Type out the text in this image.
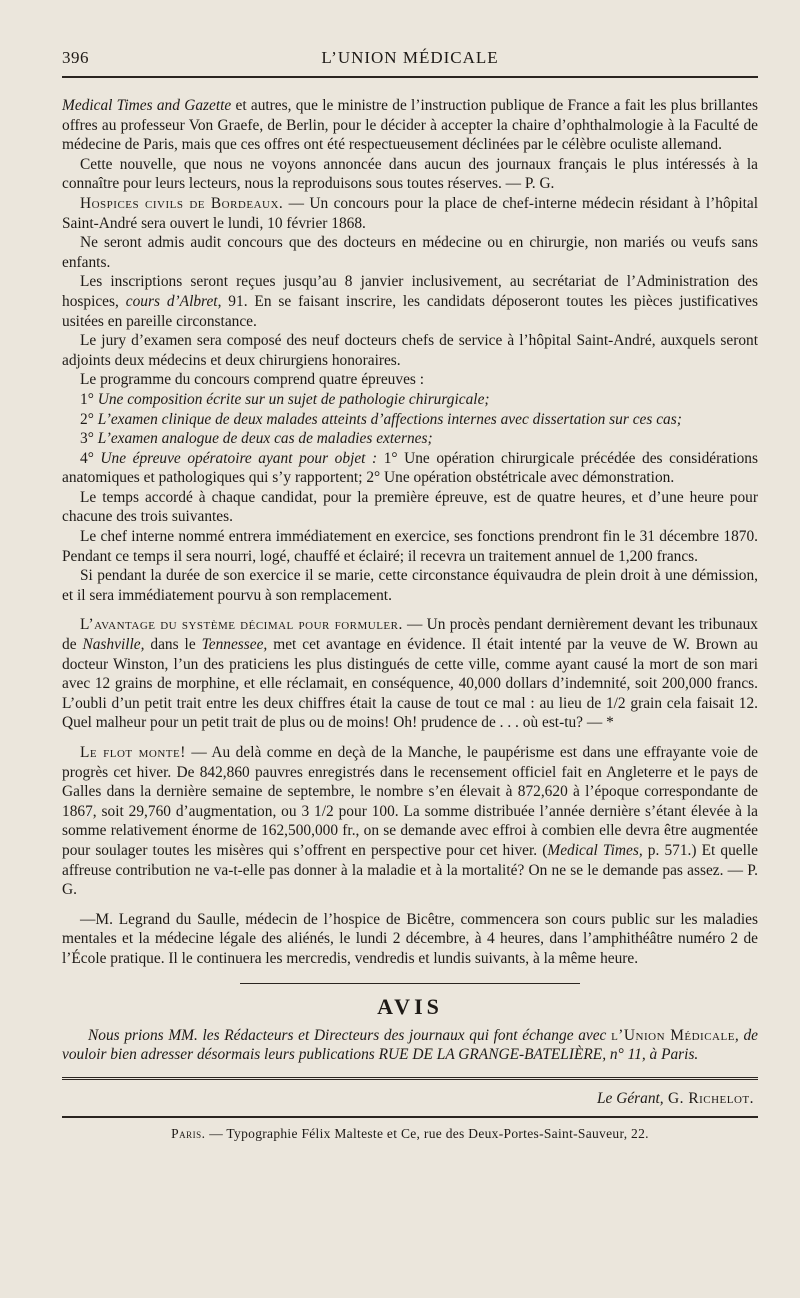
396	L’UNION MÉDICALE

Medical Times and Gazette et autres, que le ministre de l’instruction publique de France a fait les plus brillantes offres au professeur Von Graefe, de Berlin, pour le décider à accepter la chaire d’ophthalmologie à la Faculté de médecine de Paris, mais que ces offres ont été respectueusement déclinées par le célèbre oculiste allemand.

Cette nouvelle, que nous ne voyons annoncée dans aucun des journaux français le plus intéressés à la connaître pour leurs lecteurs, nous la reproduisons sous toutes réserves. — P. G.

Hospices civils de Bordeaux. — Un concours pour la place de chef-interne médecin résidant à l’hôpital Saint-André sera ouvert le lundi, 10 février 1868.

Ne seront admis audit concours que des docteurs en médecine ou en chirurgie, non mariés ou veufs sans enfants.

Les inscriptions seront reçues jusqu’au 8 janvier inclusivement, au secrétariat de l’Administration des hospices, cours d’Albret, 91. En se faisant inscrire, les candidats déposeront toutes les pièces justificatives usitées en pareille circonstance.

Le jury d’examen sera composé des neuf docteurs chefs de service à l’hôpital Saint-André, auxquels seront adjoints deux médecins et deux chirurgiens honoraires.

Le programme du concours comprend quatre épreuves :

1° Une composition écrite sur un sujet de pathologie chirurgicale;

2° L’examen clinique de deux malades atteints d’affections internes avec dissertation sur ces cas;

3° L’examen analogue de deux cas de maladies externes;

4° Une épreuve opératoire ayant pour objet : 1° Une opération chirurgicale précédée des considérations anatomiques et pathologiques qui s’y rapportent; 2° Une opération obstétricale avec démonstration.

Le temps accordé à chaque candidat, pour la première épreuve, est de quatre heures, et d’une heure pour chacune des trois suivantes.

Le chef interne nommé entrera immédiatement en exercice, ses fonctions prendront fin le 31 décembre 1870. Pendant ce temps il sera nourri, logé, chauffé et éclairé; il recevra un traitement annuel de 1,200 francs.

Si pendant la durée de son exercice il se marie, cette circonstance équivaudra de plein droit à une démission, et il sera immédiatement pourvu à son remplacement.

L’avantage du système décimal pour formuler. — Un procès pendant dernièrement devant les tribunaux de Nashville, dans le Tennessee, met cet avantage en évidence. Il était intenté par la veuve de W. Brown au docteur Winston, l’un des praticiens les plus distingués de cette ville, comme ayant causé la mort de son mari avec 12 grains de morphine, et elle réclamait, en conséquence, 40,000 dollars d’indemnité, soit 200,000 francs. L’oubli d’un petit trait entre les deux chiffres était la cause de tout ce mal : au lieu de 1/2 grain cela faisait 12. Quel malheur pour un petit trait de plus ou de moins! Oh! prudence de . . . où est-tu? — *

Le flot monte! — Au delà comme en deçà de la Manche, le paupérisme est dans une effrayante voie de progrès cet hiver. De 842,860 pauvres enregistrés dans le recensement officiel fait en Angleterre et le pays de Galles dans la dernière semaine de septembre, le nombre s’en élevait à 872,620 à l’époque correspondante de 1867, soit 29,760 d’augmentation, ou 3 1/2 pour 100. La somme distribuée l’année dernière s’étant élevée à la somme relativement énorme de 162,500,000 fr., on se demande avec effroi à combien elle devra être augmentée pour soulager toutes les misères qui s’offrent en perspective pour cet hiver. (Medical Times, p. 571.) Et quelle affreuse contribution ne va-t-elle pas donner à la maladie et à la mortalité? On ne se le demande pas assez. — P. G.

—M. Legrand du Saulle, médecin de l’hospice de Bicêtre, commencera son cours public sur les maladies mentales et la médecine légale des aliénés, le lundi 2 décembre, à 4 heures, dans l’amphithéâtre numéro 2 de l’École pratique. Il le continuera les mercredis, vendredis et lundis suivants, à la même heure.

AVIS
Nous prions MM. les Rédacteurs et Directeurs des journaux qui font échange avec l’Union Médicale, de vouloir bien adresser désormais leurs publications RUE DE LA GRANGE-BATELIÈRE, n° 11, à Paris.
Le Gérant, G. Richelot.
Paris. — Typographie Félix Malteste et Ce, rue des Deux-Portes-Saint-Sauveur, 22.
